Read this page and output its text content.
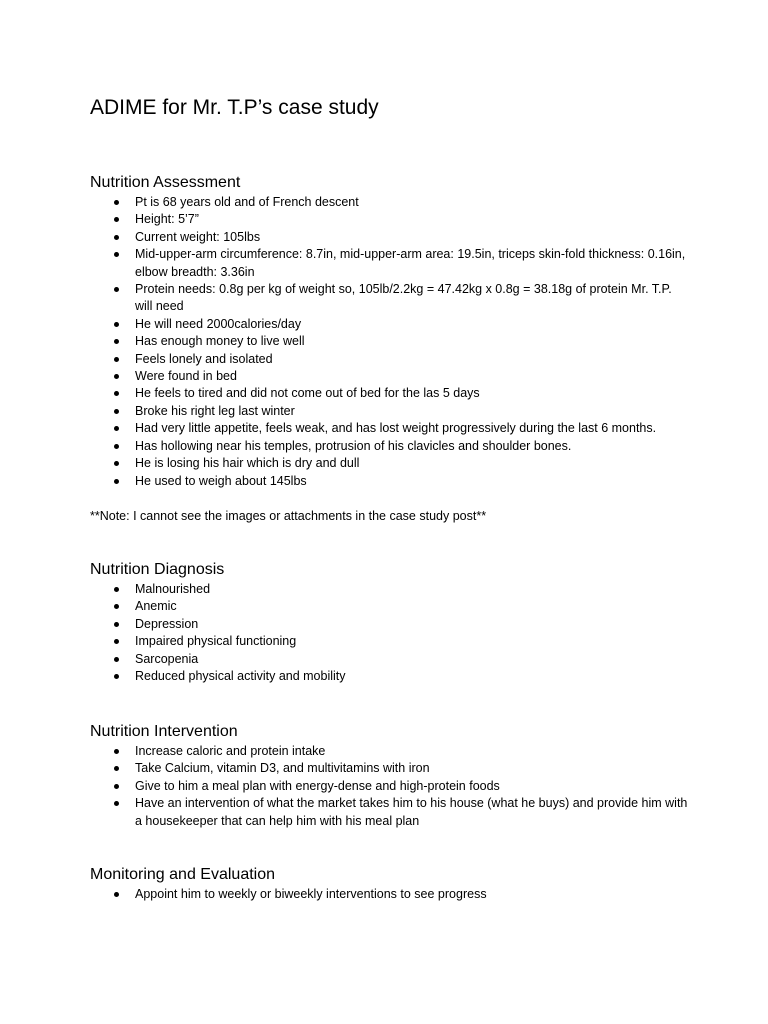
ADIME for Mr. T.P’s case study
Nutrition Assessment
Pt is 68 years old and of French descent
Height: 5’7”
Current weight: 105lbs
Mid-upper-arm circumference: 8.7in, mid-upper-arm area: 19.5in, triceps skin-fold thickness: 0.16in, elbow breadth: 3.36in
Protein needs: 0.8g per kg of weight so, 105lb/2.2kg = 47.42kg x 0.8g = 38.18g of protein Mr. T.P. will need
He will need 2000calories/day
Has enough money to live well
Feels lonely and isolated
Were found in bed
He feels to tired and did not come out of bed for the las 5 days
Broke his right leg last winter
Had very little appetite, feels weak, and has lost weight progressively during the last 6 months.
Has hollowing near his temples, protrusion of his clavicles and shoulder bones.
He is losing his hair which is dry and dull
He used to weigh about 145lbs

**Note: I cannot see the images or attachments in the case study post**

Nutrition Diagnosis
Malnourished
Anemic
Depression
Impaired physical functioning
Sarcopenia
Reduced physical activity and mobility
Nutrition Intervention
Increase caloric and protein intake
Take Calcium, vitamin D3, and multivitamins with iron
Give to him a meal plan with energy-dense and high-protein foods
Have an intervention of what the market takes him to his house (what he buys) and provide him with a housekeeper that can help him with his meal plan
Monitoring and Evaluation
Appoint him to weekly or biweekly interventions to see progress
